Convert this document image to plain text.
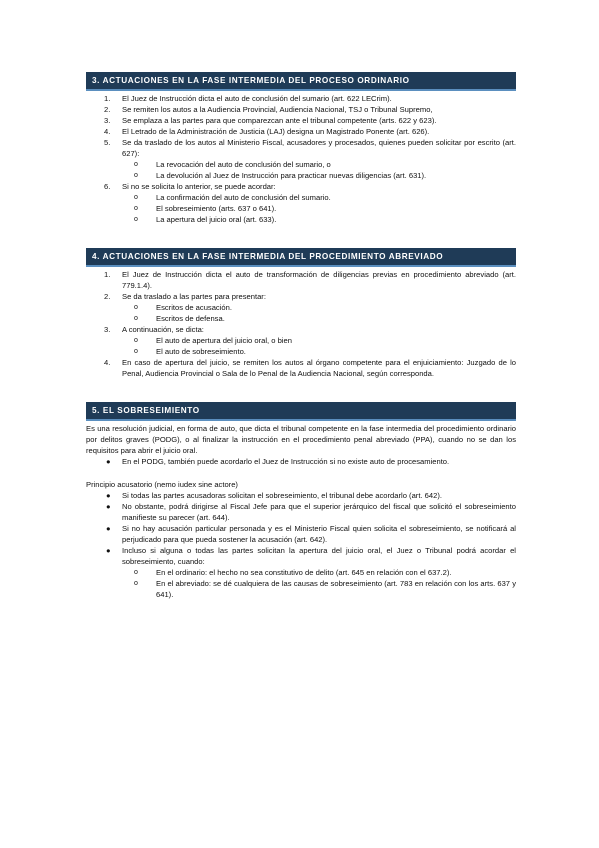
3. ACTUACIONES EN LA FASE INTERMEDIA DEL PROCESO ORDINARIO
1. El Juez de Instrucción dicta el auto de conclusión del sumario (art. 622 LECrim).
2. Se remiten los autos a la Audiencia Provincial, Audiencia Nacional, TSJ o Tribunal Supremo,
3. Se emplaza a las partes para que comparezcan ante el tribunal competente (arts. 622 y 623).
4. El Letrado de la Administración de Justicia (LAJ) designa un Magistrado Ponente (art. 626).
5. Se da traslado de los autos al Ministerio Fiscal, acusadores y procesados, quienes pueden solicitar por escrito (art. 627):
o La revocación del auto de conclusión del sumario, o
o La devolución al Juez de Instrucción para practicar nuevas diligencias (art. 631).
6. Si no se solicita lo anterior, se puede acordar:
o La confirmación del auto de conclusión del sumario.
o El sobreseimiento (arts. 637 o 641).
o La apertura del juicio oral (art. 633).
4. ACTUACIONES EN LA FASE INTERMEDIA DEL PROCEDIMIENTO ABREVIADO
1. El Juez de Instrucción dicta el auto de transformación de diligencias previas en procedimiento abreviado (art. 779.1.4).
2. Se da traslado a las partes para presentar:
o Escritos de acusación.
o Escritos de defensa.
3. A continuación, se dicta:
o El auto de apertura del juicio oral, o bien
o El auto de sobreseimiento.
4. En caso de apertura del juicio, se remiten los autos al órgano competente para el enjuiciamiento: Juzgado de lo Penal, Audiencia Provincial o Sala de lo Penal de la Audiencia Nacional, según corresponda.
5. EL SOBRESEIMIENTO

Es una resolución judicial, en forma de auto, que dicta el tribunal competente en la fase intermedia del procedimiento ordinario por delitos graves (PODG), o al finalizar la instrucción en el procedimiento penal abreviado (PPA), cuando no se dan los requisitos para abrir el juicio oral.

● En el PODG, también puede acordarlo el Juez de Instrucción si no existe auto de procesamiento.

Principio acusatorio (nemo iudex sine actore)

● Si todas las partes acusadoras solicitan el sobreseimiento, el tribunal debe acordarlo (art. 642).
● No obstante, podrá dirigirse al Fiscal Jefe para que el superior jerárquico del fiscal que solicitó el sobreseimiento manifieste su parecer (art. 644).
● Si no hay acusación particular personada y es el Ministerio Fiscal quien solicita el sobreseimiento, se notificará al perjudicado para que pueda sostener la acusación (art. 642).
● Incluso si alguna o todas las partes solicitan la apertura del juicio oral, el Juez o Tribunal podrá acordar el sobreseimiento, cuando:
o En el ordinario: el hecho no sea constitutivo de delito (art. 645 en relación con el 637.2).
o En el abreviado: se dé cualquiera de las causas de sobreseimiento (art. 783 en relación con los arts. 637 y 641).
